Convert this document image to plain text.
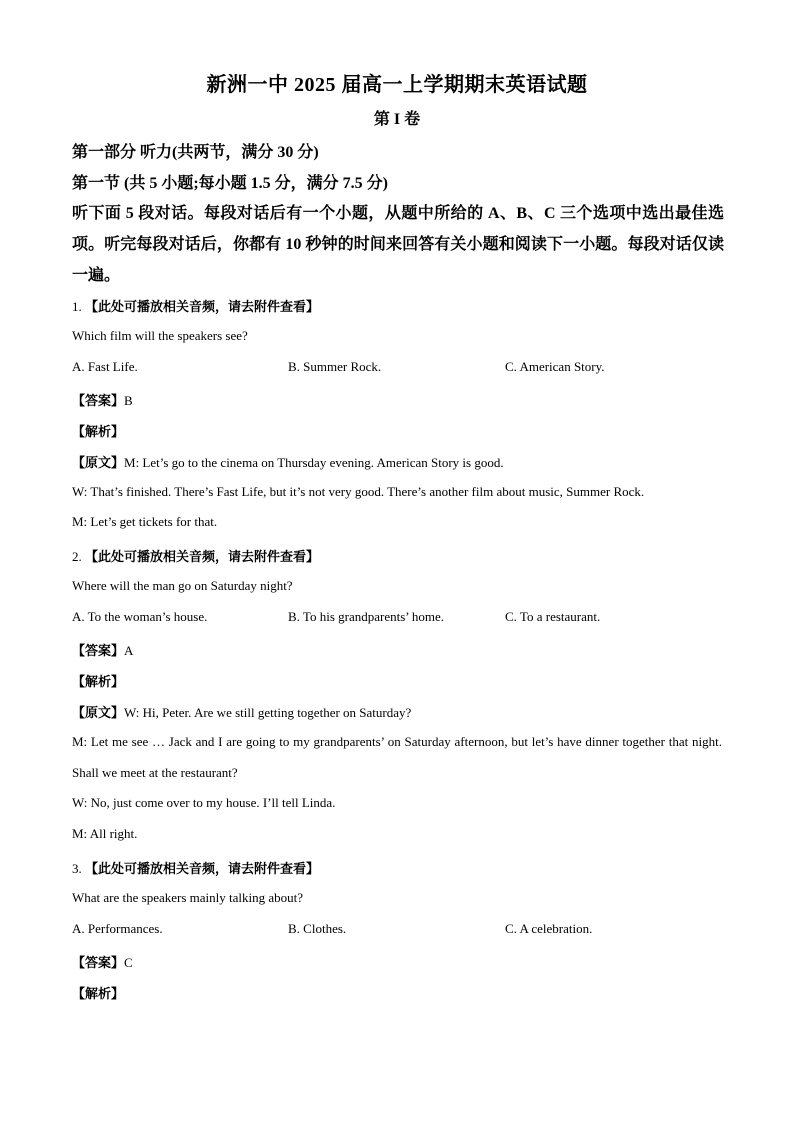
新洲一中 2025 届高一上学期期末英语试题
第 I 卷
第一部分 听力(共两节，满分 30 分)
第一节 (共 5 小题;每小题 1.5 分，满分 7.5 分)
听下面 5 段对话。每段对话后有一个小题，从题中所给的 A、B、C 三个选项中选出最佳选项。听完每段对话后，你都有 10 秒钟的时间来回答有关小题和阅读下一小题。每段对话仅读一遍。
1. 【此处可播放相关音频，请去附件查看】
Which film will the speakers see?
A. Fast Life.	B. Summer Rock.	C. American Story.
【答案】B
【解析】
【原文】M: Let’s go to the cinema on Thursday evening. American Story is good.
W: That’s finished. There’s Fast Life, but it’s not very good. There’s another film about music, Summer Rock.
M: Let’s get tickets for that.
2. 【此处可播放相关音频，请去附件查看】
Where will the man go on Saturday night?
A. To the woman’s house.	B. To his grandparents’ home.	C. To a restaurant.
【答案】A
【解析】
【原文】W: Hi, Peter. Are we still getting together on Saturday?
M: Let me see … Jack and I are going to my grandparents’ on Saturday afternoon, but let’s have dinner together that night. Shall we meet at the restaurant?
W: No, just come over to my house. I’ll tell Linda.
M: All right.
3. 【此处可播放相关音频，请去附件查看】
What are the speakers mainly talking about?
A. Performances.	B. Clothes.	C. A celebration.
【答案】C
【解析】
